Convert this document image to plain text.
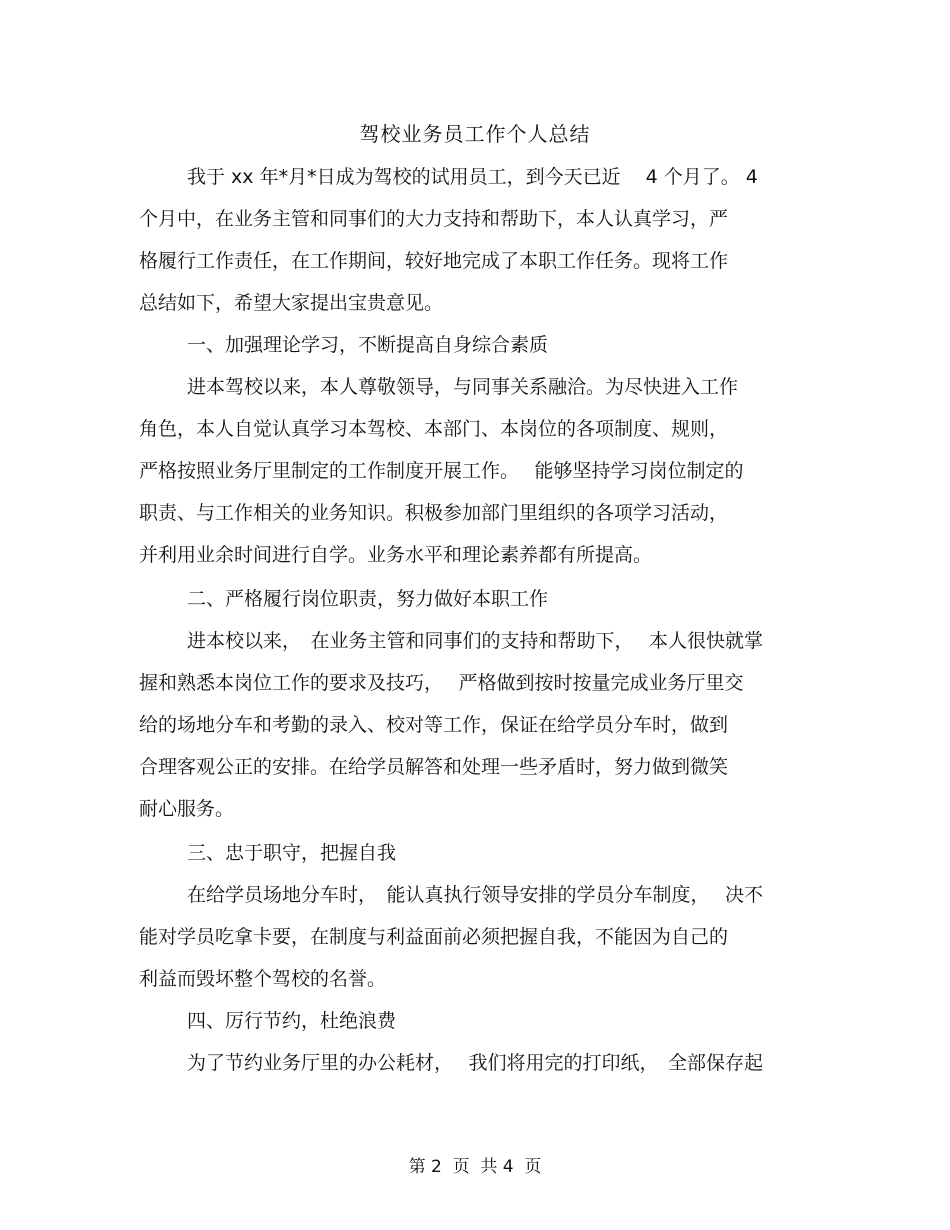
驾校业务员工作个人总结
我于 xx 年*月*日成为驾校的试用员工，到今天已近　 4 个月了。 4
个月中，在业务主管和同事们的大力支持和帮助下，本人认真学习，严
格履行工作责任，在工作期间，较好地完成了本职工作任务。现将工作
总结如下，希望大家提出宝贵意见。
一、加强理论学习，不断提高自身综合素质
进本驾校以来，本人尊敬领导，与同事关系融洽。为尽快进入工作
角色，本人自觉认真学习本驾校、本部门、本岗位的各项制度、规则，
严格按照业务厅里制定的工作制度开展工作。　 能够坚持学习岗位制定的
职责、与工作相关的业务知识。积极参加部门里组织的各项学习活动，
并利用业余时间进行自学。业务水平和理论素养都有所提高。
二、严格履行岗位职责，努力做好本职工作
进本校以来，　在业务主管和同事们的支持和帮助下，　 本人很快就掌
握和熟悉本岗位工作的要求及技巧，　 严格做到按时按量完成业务厅里交
给的场地分车和考勤的录入、校对等工作，保证在给学员分车时，做到
合理客观公正的安排。在给学员解答和处理一些矛盾时，努力做到微笑
耐心服务。
三、忠于职守，把握自我
在给学员场地分车时，　能认真执行领导安排的学员分车制度，　 决不
能对学员吃拿卡要，在制度与利益面前必须把握自我，不能因为自己的
利益而毁坏整个驾校的名誉。
四、厉行节约，杜绝浪费
为了节约业务厅里的办公耗材，　 我们将用完的打印纸，　全部保存起
第 2  页  共 4  页
